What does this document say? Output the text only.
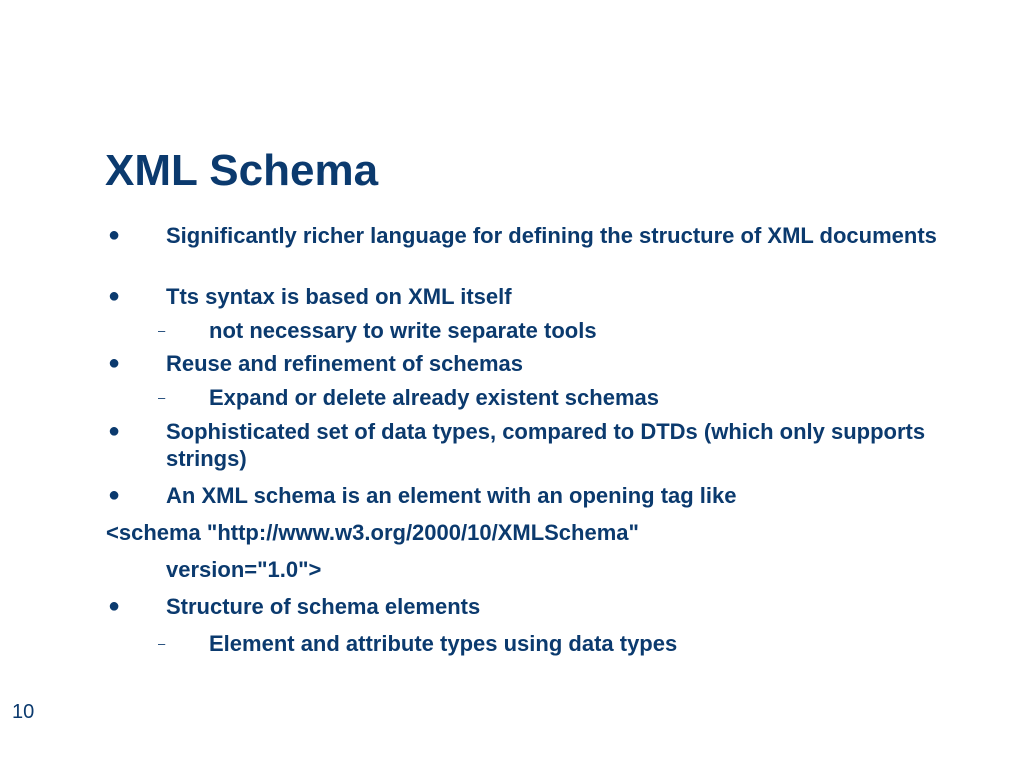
XML Schema
● Significantly richer language for defining the structure of XML documents
● Tts syntax is based on XML itself
– not necessary to write separate tools
● Reuse and refinement of schemas
– Expand or delete already existent schemas
● Sophisticated set of data types, compared to DTDs (which only supports strings)
● An XML schema is an element with an opening tag like
<schema "http://www.w3.org/2000/10/XMLSchema"
version="1.0">
● Structure of schema elements
– Element and attribute types using data types
10
